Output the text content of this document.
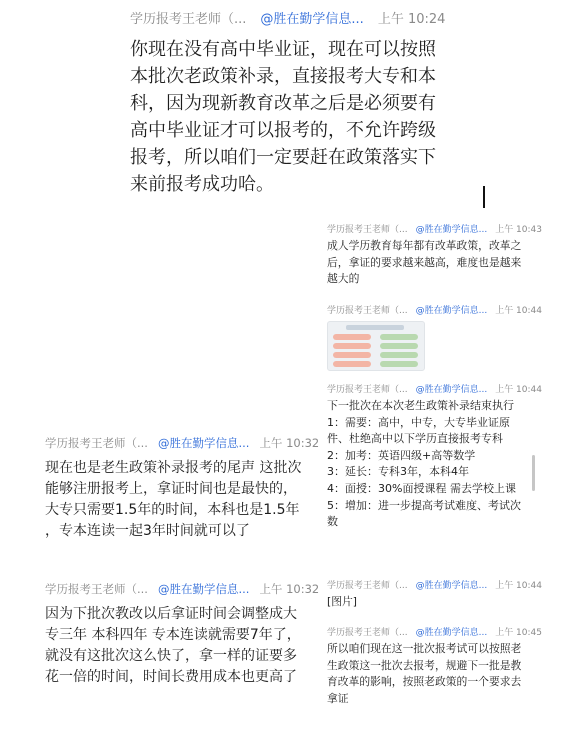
学历报考王老师（... @胜在勤学信息... 上午 10:24
你现在没有高中毕业证，现在可以按照本批次老政策补录，直接报考大专和本科，因为现新教育改革之后是必须要有高中毕业证才可以报考的，不允许跨级报考，所以咱们一定要赶在政策落实下来前报考成功哈。
学历报考王老师（... @胜在勤学信息... 上午 10:43
成人学历教育每年都有改革政策，改革之后，拿证的要求越来越高，难度也是越来越大的
学历报考王老师（... @胜在勤学信息... 上午 10:44
学历报考王老师（... @胜在勤学信息... 上午 10:44
下一批次在本次老生政策补录结束执行
1：需要：高中，中专，大专毕业证原件、杜绝高中以下学历直接报考专科
2：加考：英语四级+高等数学
3：延长：专科3年，本科4年
4：面授：30%面授课程 需去学校上课
5：增加：进一步提高考试难度、考试次数
学历报考王老师（... @胜在勤学信息... 上午 10:44
[图片]
学历报考王老师（... @胜在勤学信息... 上午 10:45
所以咱们现在这一批次报考试可以按照老生政策这一批次去报考，规避下一批是教育改革的影响，按照老政策的一个要求去拿证
学历报考王老师（... @胜在勤学信息... 上午 10:32
现在也是老生政策补录报考的尾声 这批次能够注册报考上，拿证时间也是最快的，大专只需要1.5年的时间，本科也是1.5年 ，专本连读一起3年时间就可以了
学历报考王老师（... @胜在勤学信息... 上午 10:32
因为下批次教改以后拿证时间会调整成大专三年 本科四年 专本连读就需要7年了，就没有这批次这么快了，拿一样的证要多花一倍的时间，时间长费用成本也更高了
